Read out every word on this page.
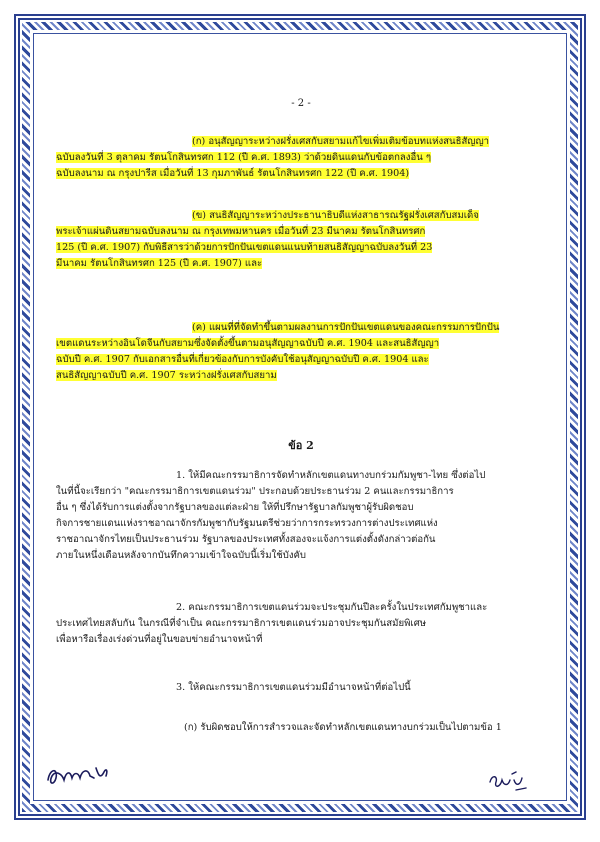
- 2 -
(ก) อนุสัญญาระหว่างฝรั่งเศสกับสยามแก้ไขเพิ่มเติมข้อบทแห่งสนธิสัญญา
ฉบับลงวันที่ 3 ตุลาคม รัตนโกสินทรศก 112 (ปี ค.ศ. 1893) ว่าด้วยดินแดนกับข้อตกลงอื่น ๆ
ฉบับลงนาม ณ กรุงปารีส เมื่อวันที่ 13 กุมภาพันธ์ รัตนโกสินทรศก 122 (ปี ค.ศ. 1904)
(ข) สนธิสัญญาระหว่างประธานาธิบดีแห่งสาธารณรัฐฝรั่งเศสกับสมเด็จ
พระเจ้าแผ่นดินสยามฉบับลงนาม ณ กรุงเทพมหานคร เมื่อวันที่ 23 มีนาคม รัตนโกสินทรศก
125 (ปี ค.ศ. 1907) กับพิธีสารว่าด้วยการปักปันเขตแดนแนบท้ายสนธิสัญญาฉบับลงวันที่ 23
มีนาคม รัตนโกสินทรศก 125 (ปี ค.ศ. 1907) และ
(ค) แผนที่ที่จัดทำขึ้นตามผลงานการปักปันเขตแดนของคณะกรรมการปักปัน
เขตแดนระหว่างอินโดจีนกับสยามซึ่งจัดตั้งขึ้นตามอนุสัญญาฉบับปี ค.ศ. 1904 และสนธิสัญญา
ฉบับปี ค.ศ. 1907 กับเอกสารอื่นที่เกี่ยวข้องกับการบังคับใช้อนุสัญญาฉบับปี ค.ศ. 1904 และ
สนธิสัญญาฉบับปี ค.ศ. 1907 ระหว่างฝรั่งเศสกับสยาม
ข้อ 2
1. ให้มีคณะกรรมาธิการจัดทำหลักเขตแดนทางบกร่วมกัมพูชา-ไทย ซึ่งต่อไป
ในที่นี้จะเรียกว่า "คณะกรรมาธิการเขตแดนร่วม" ประกอบด้วยประธานร่วม 2 คนและกรรมาธิการ
อื่น ๆ ซึ่งได้รับการแต่งตั้งจากรัฐบาลของแต่ละฝ่าย ให้ที่ปรึกษารัฐบาลกัมพูชาผู้รับผิดชอบ
กิจการชายแดนแห่งราชอาณาจักรกัมพูชากับรัฐมนตรีช่วยว่าการกระทรวงการต่างประเทศแห่ง
ราชอาณาจักรไทยเป็นประธานร่วม รัฐบาลของประเทศทั้งสองจะแจ้งการแต่งตั้งดังกล่าวต่อกัน
ภายในหนึ่งเดือนหลังจากบันทึกความเข้าใจฉบับนี้เริ่มใช้บังคับ
2. คณะกรรมาธิการเขตแดนร่วมจะประชุมกันปีละครั้งในประเทศกัมพูชาและ
ประเทศไทยสลับกัน ในกรณีที่จำเป็น คณะกรรมาธิการเขตแดนร่วมอาจประชุมกันสมัยพิเศษ
เพื่อหารือเรื่องเร่งด่วนที่อยู่ในขอบข่ายอำนาจหน้าที่
3. ให้คณะกรรมาธิการเขตแดนร่วมมีอำนาจหน้าที่ต่อไปนี้
(ก) รับผิดชอบให้การสำรวจและจัดทำหลักเขตแดนทางบกร่วมเป็นไปตามข้อ 1
